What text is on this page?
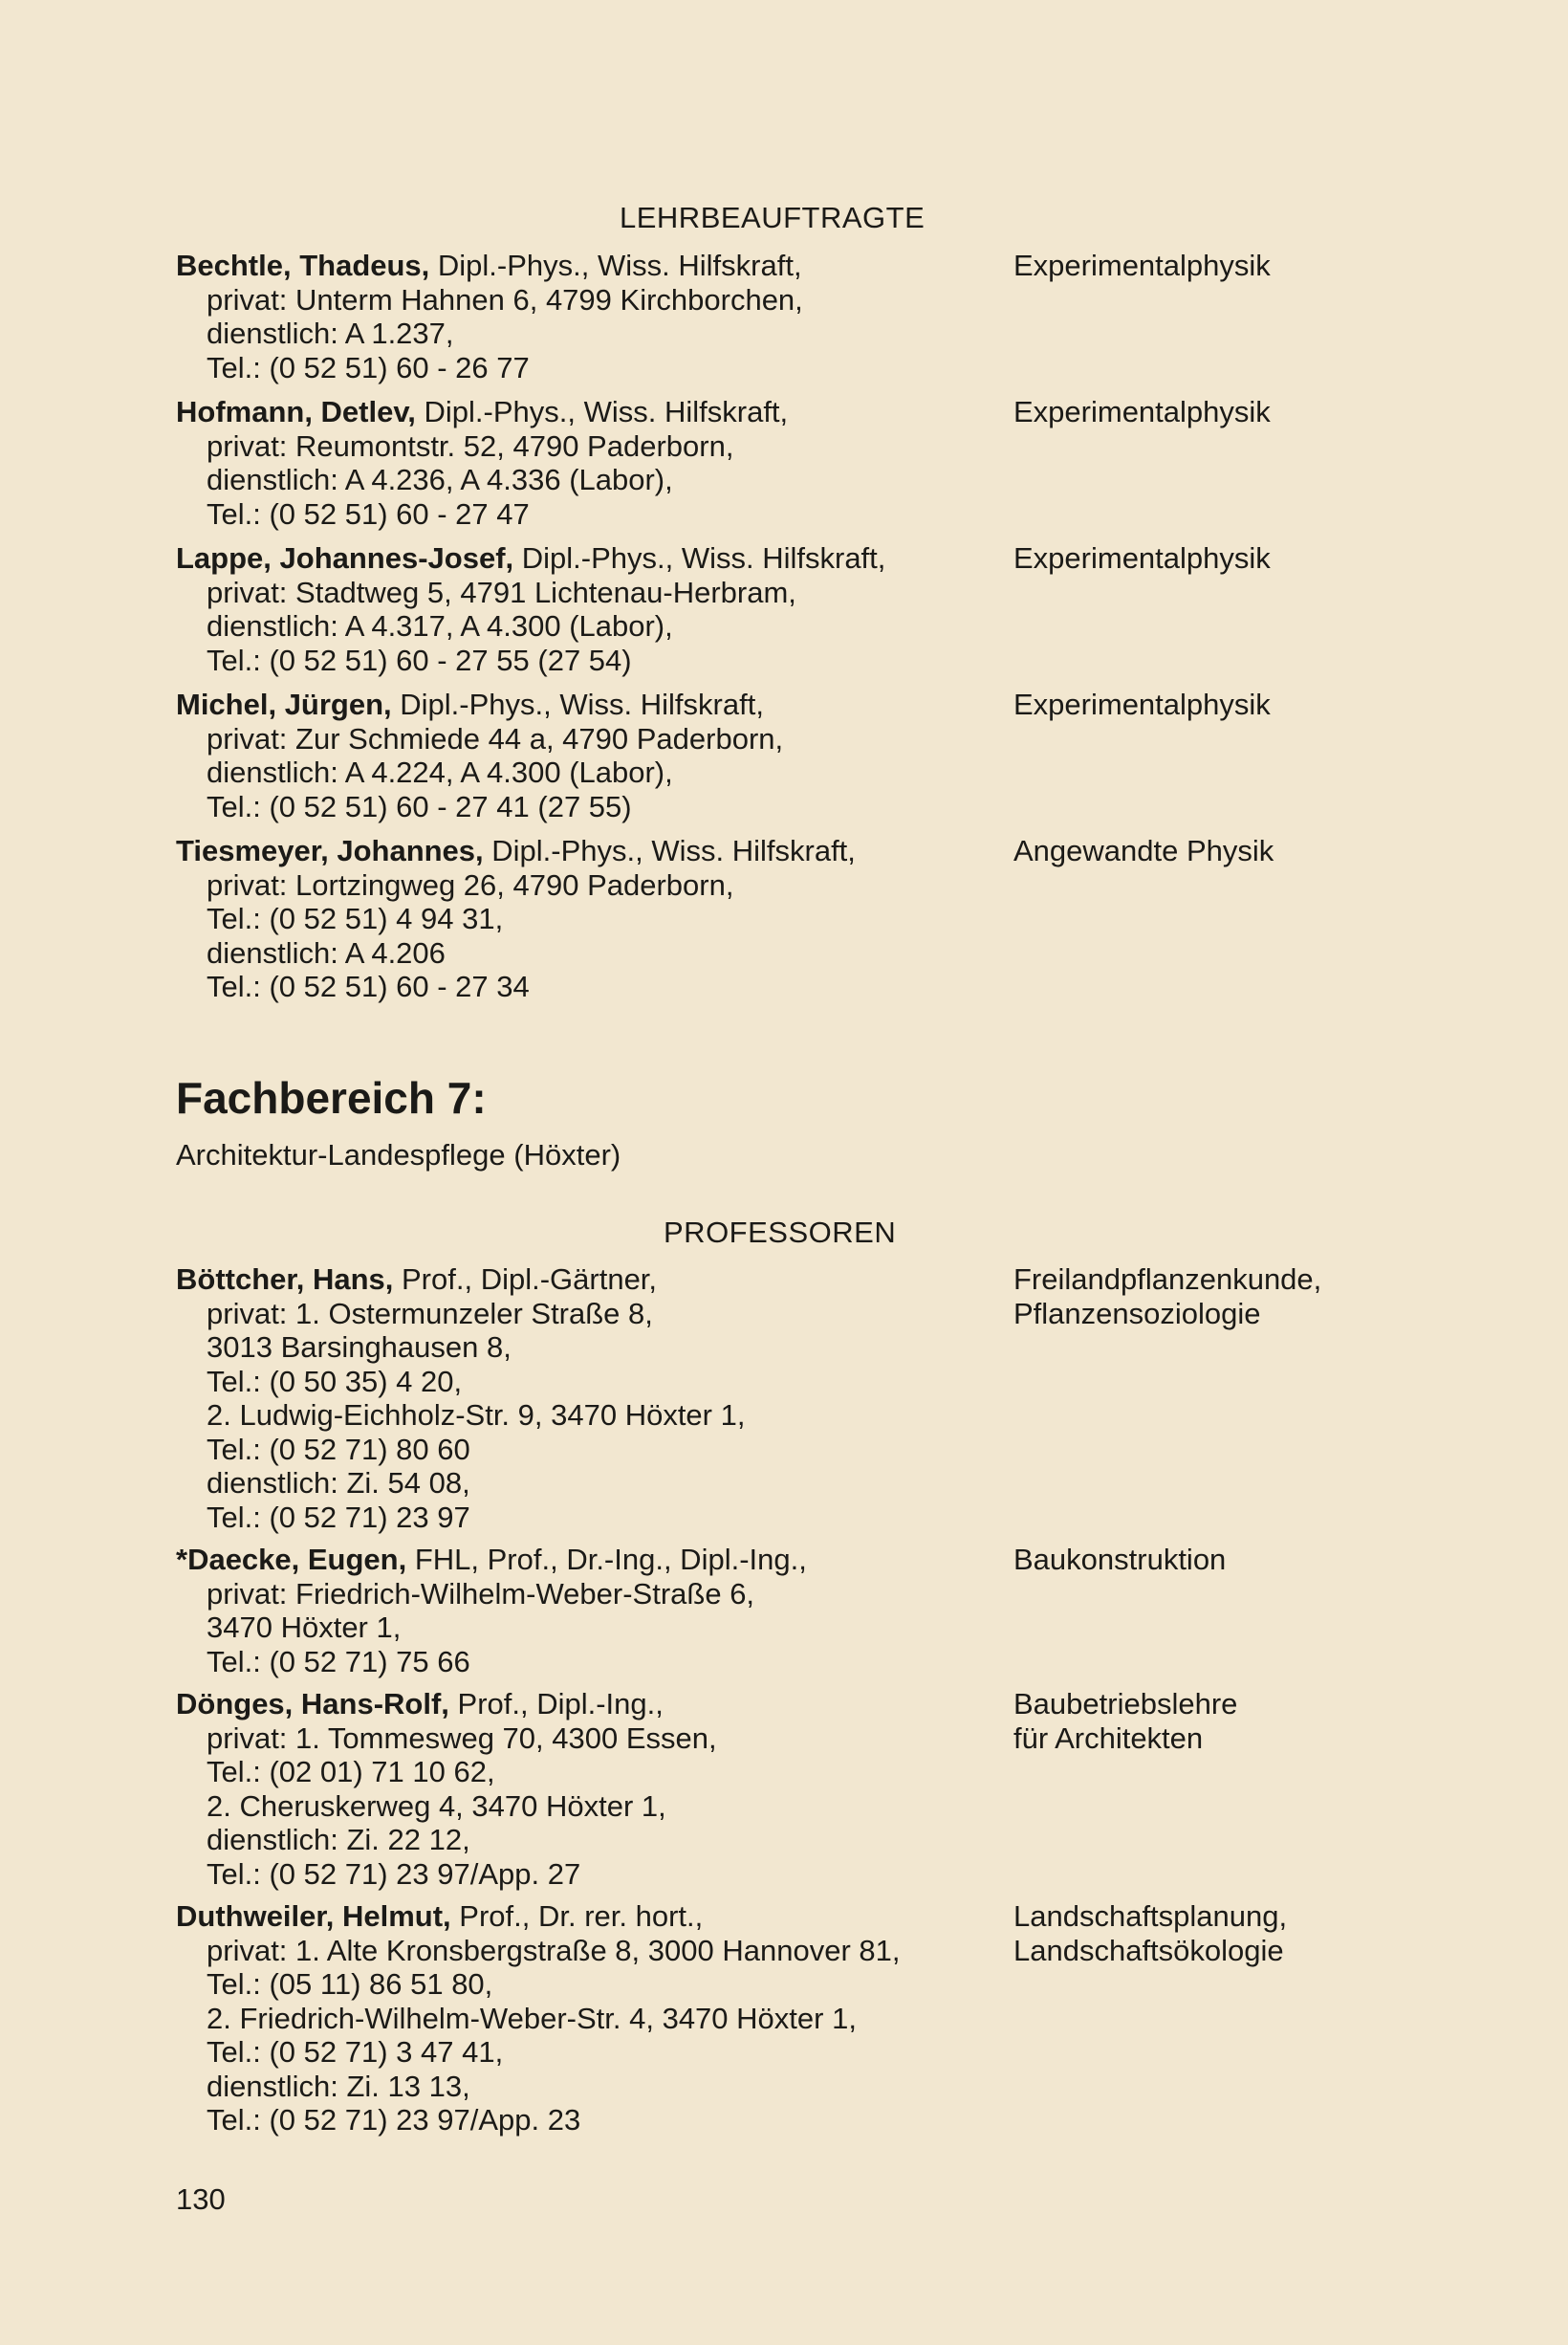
LEHRBEAUFTRAGTE
Bechtle, Thadeus, Dipl.-Phys., Wiss. Hilfskraft,
privat: Unterm Hahnen 6, 4799 Kirchborchen,
dienstlich: A 1.237,
Tel.: (0 52 51) 60 - 26 77
Experimentalphysik
Hofmann, Detlev, Dipl.-Phys., Wiss. Hilfskraft,
privat: Reumontstr. 52, 4790 Paderborn,
dienstlich: A 4.236, A 4.336 (Labor),
Tel.: (0 52 51) 60 - 27 47
Experimentalphysik
Lappe, Johannes-Josef, Dipl.-Phys., Wiss. Hilfskraft,
privat: Stadtweg 5, 4791 Lichtenau-Herbram,
dienstlich: A 4.317, A 4.300 (Labor),
Tel.: (0 52 51) 60 - 27 55 (27 54)
Experimentalphysik
Michel, Jürgen, Dipl.-Phys., Wiss. Hilfskraft,
privat: Zur Schmiede 44 a, 4790 Paderborn,
dienstlich: A 4.224, A 4.300 (Labor),
Tel.: (0 52 51) 60 - 27 41 (27 55)
Experimentalphysik
Tiesmeyer, Johannes, Dipl.-Phys., Wiss. Hilfskraft,
privat: Lortzingweg 26, 4790 Paderborn,
Tel.: (0 52 51) 4 94 31,
dienstlich: A 4.206
Tel.: (0 52 51) 60 - 27 34
Angewandte Physik
Fachbereich 7:
Architektur-Landespflege (Höxter)
PROFESSOREN
Böttcher, Hans, Prof., Dipl.-Gärtner,
privat: 1. Ostermunzeler Straße 8,
3013 Barsinghausen 8,
Tel.: (0 50 35) 4 20,
2. Ludwig-Eichholz-Str. 9, 3470 Höxter 1,
Tel.: (0 52 71) 80 60
dienstlich: Zi. 54 08,
Tel.: (0 52 71) 23 97
Freilandpflanzenkunde,
Pflanzensoziologie
*Daecke, Eugen, FHL, Prof., Dr.-Ing., Dipl.-Ing.,
privat: Friedrich-Wilhelm-Weber-Straße 6,
3470 Höxter 1,
Tel.: (0 52 71) 75 66
Baukonstruktion
Dönges, Hans-Rolf, Prof., Dipl.-Ing.,
privat: 1. Tommesweg 70, 4300 Essen,
Tel.: (02 01) 71 10 62,
2. Cheruskerweg 4, 3470 Höxter 1,
dienstlich: Zi. 22 12,
Tel.: (0 52 71) 23 97/App. 27
Baubetriebslehre
für Architekten
Duthweiler, Helmut, Prof., Dr. rer. hort.,
privat: 1. Alte Kronsbergstraße 8, 3000 Hannover 81,
Tel.: (05 11) 86 51 80,
2. Friedrich-Wilhelm-Weber-Str. 4, 3470 Höxter 1,
Tel.: (0 52 71) 3 47 41,
dienstlich: Zi. 13 13,
Tel.: (0 52 71) 23 97/App. 23
Landschaftsplanung,
Landschaftsökologie
130
